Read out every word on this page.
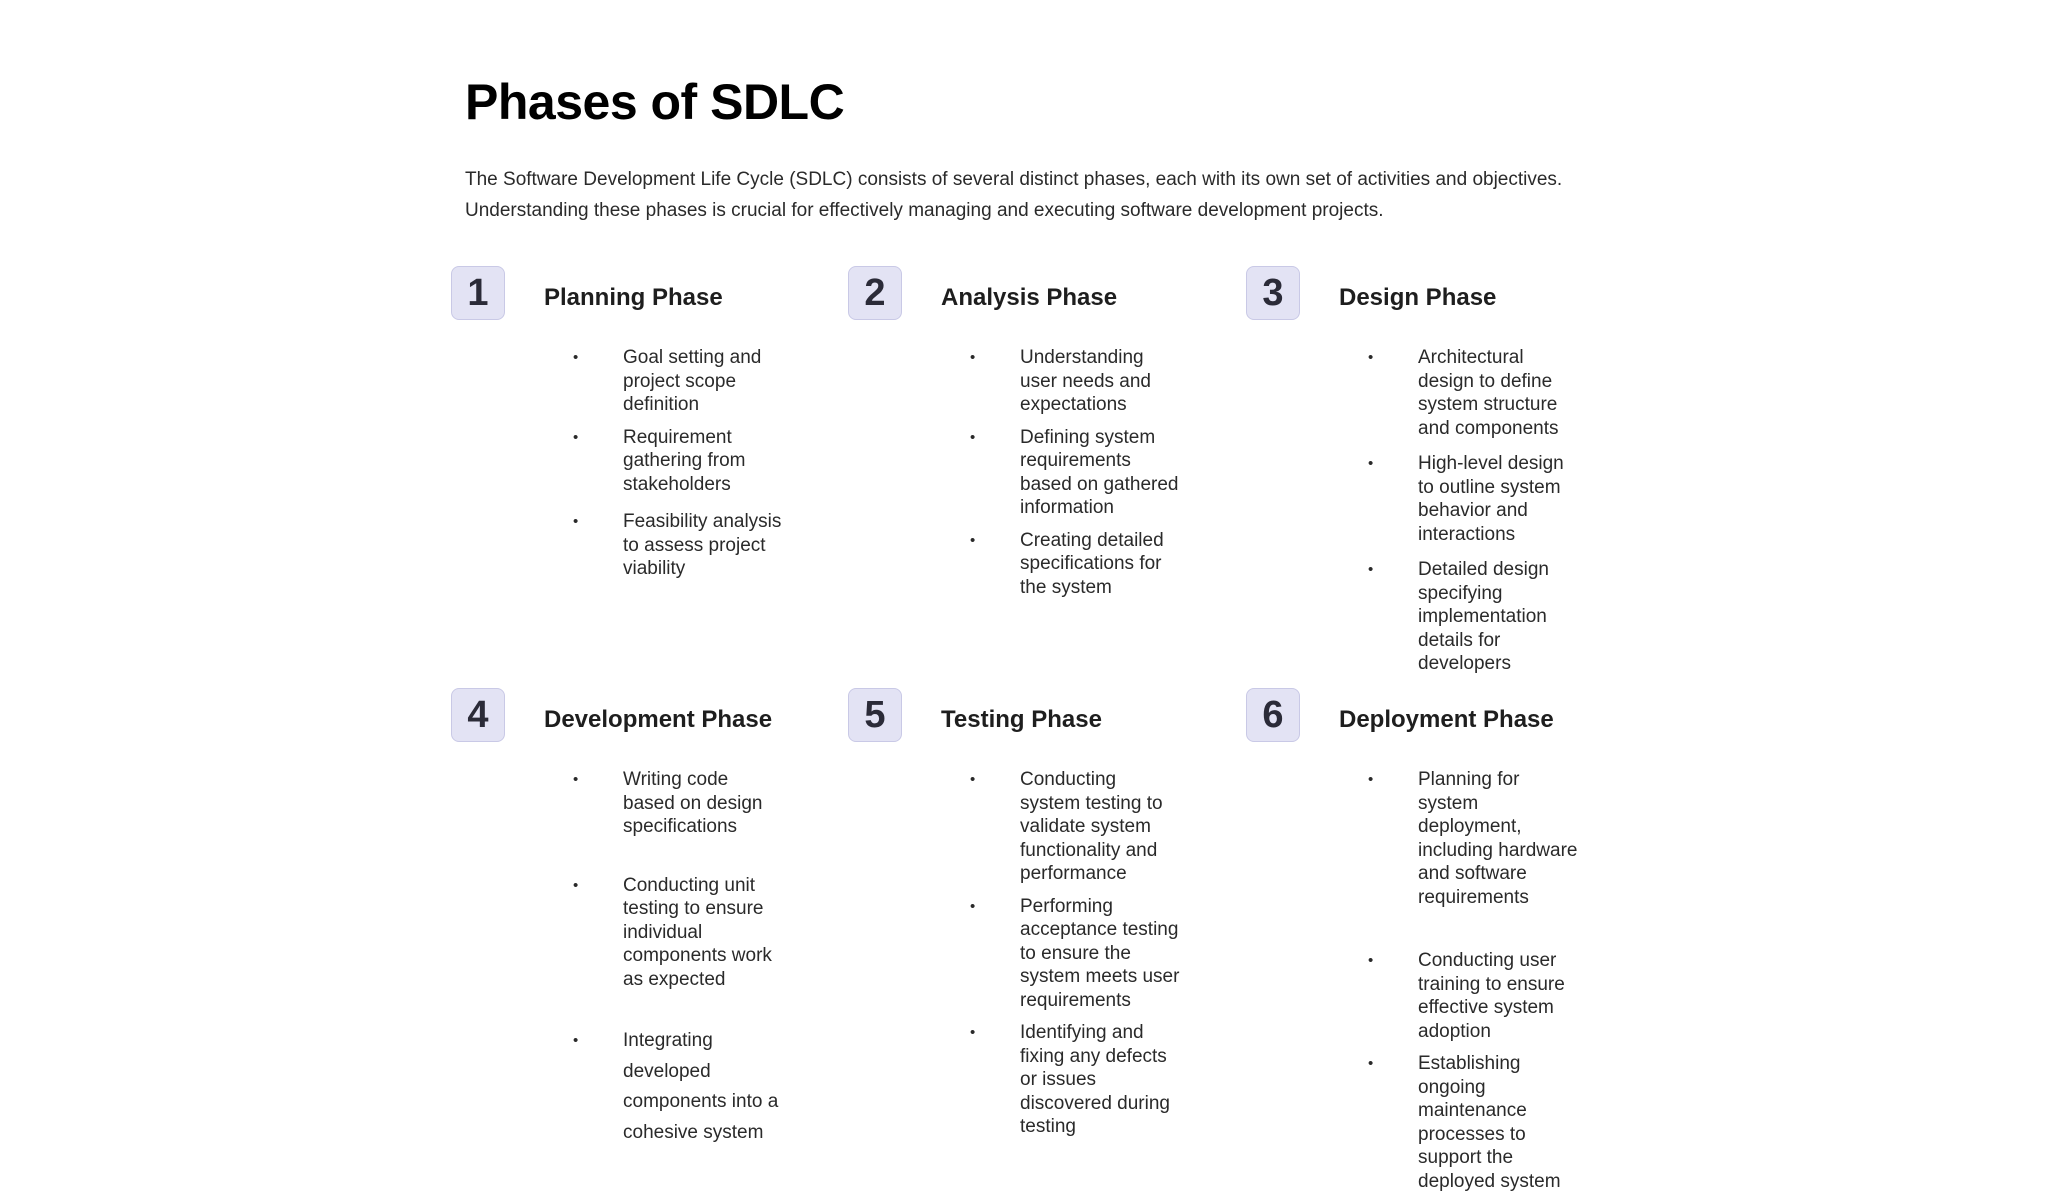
Phases of SDLC

The Software Development Life Cycle (SDLC) consists of several distinct phases, each with its own set of activities and objectives. Understanding these phases is crucial for effectively managing and executing software development projects.

1	Planning Phase
• Goal setting and project scope definition
• Requirement gathering from stakeholders
• Feasibility analysis to assess project viability
2	Analysis Phase
• Understanding user needs and expectations
• Defining system requirements based on gathered information
• Creating detailed specifications for the system
3	Design Phase
• Architectural design to define system structure and components
• High-level design to outline system behavior and interactions
• Detailed design specifying implementation details for developers
4	Development Phase
• Writing code based on design specifications
• Conducting unit testing to ensure individual components work as expected
• Integrating developed components into a cohesive system
5	Testing Phase
• Conducting system testing to validate system functionality and performance
• Performing acceptance testing to ensure the system meets user requirements
• Identifying and fixing any defects or issues discovered during testing
6	Deployment Phase
• Planning for system deployment, including hardware and software requirements
• Conducting user training to ensure effective system adoption
• Establishing ongoing maintenance processes to support the deployed system
